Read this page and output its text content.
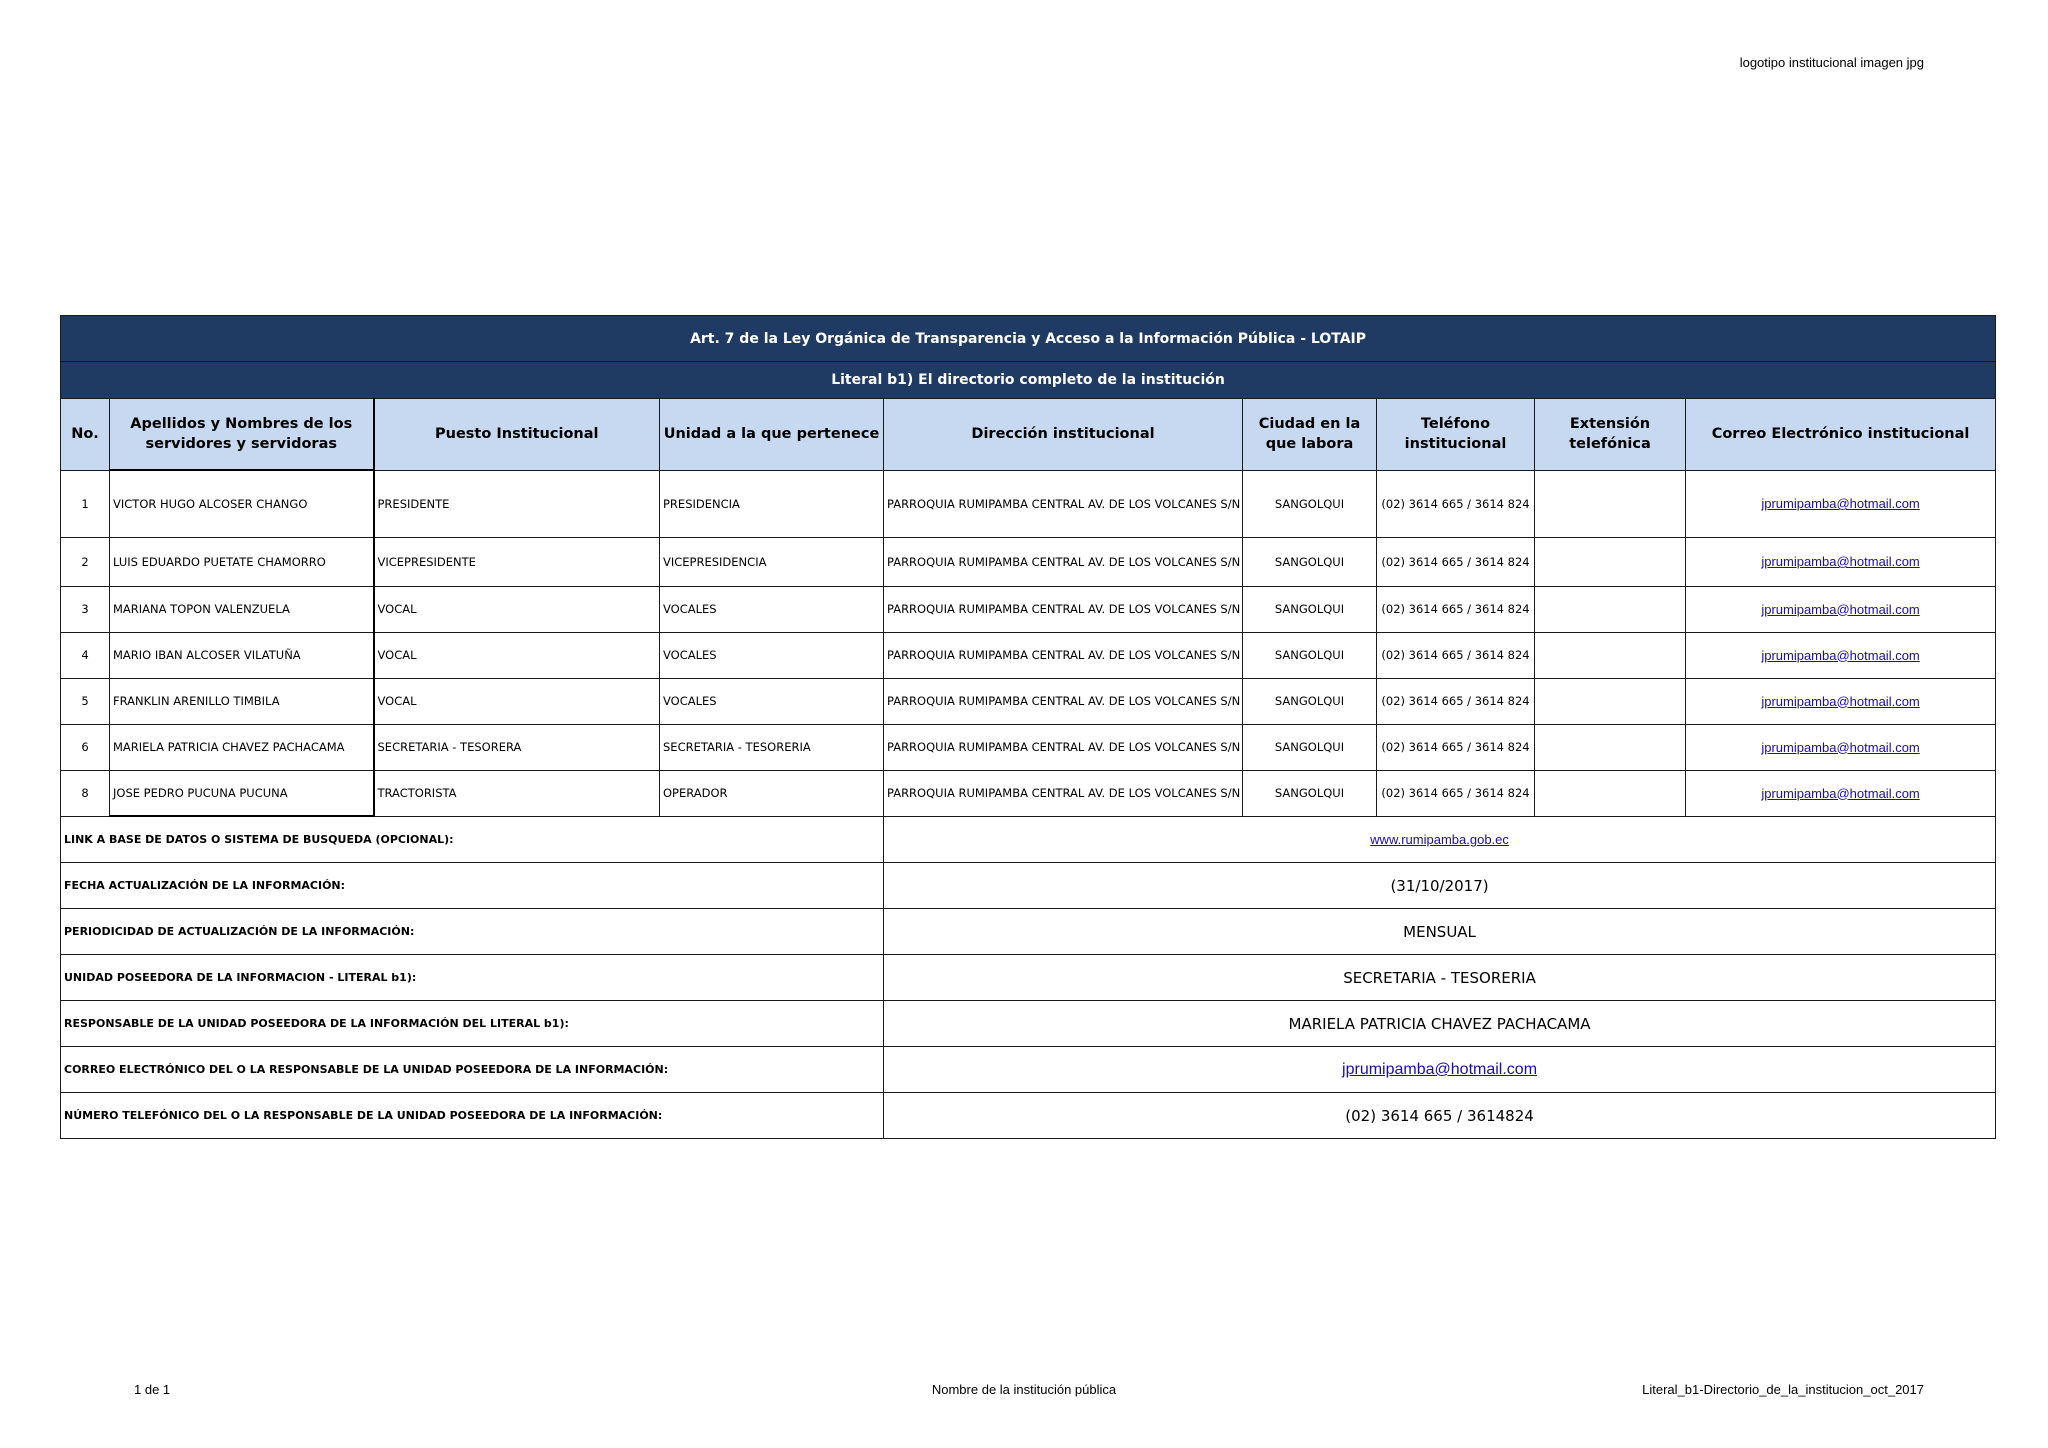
logotipo institucional imagen jpg
Art. 7 de la Ley Orgánica de Transparencia y Acceso a la Información Pública - LOTAIP								
Literal b1) El directorio completo de la institución								
No.	Apellidos y Nombres de los servidores y servidoras	Puesto Institucional	Unidad a la que pertenece	Dirección institucional	Ciudad en la que labora	Teléfono institucional	Extensión telefónica	Correo Electrónico institucional
1	VICTOR HUGO ALCOSER CHANGO	PRESIDENTE	PRESIDENCIA	PARROQUIA RUMIPAMBA CENTRAL AV. DE LOS VOLCANES S/N	SANGOLQUI	(02) 3614 665 / 3614 824		jprumipamba@hotmail.com
2	LUIS EDUARDO PUETATE CHAMORRO	VICEPRESIDENTE	VICEPRESIDENCIA	PARROQUIA RUMIPAMBA CENTRAL AV. DE LOS VOLCANES S/N	SANGOLQUI	(02) 3614 665 / 3614 824		jprumipamba@hotmail.com
3	MARIANA TOPON VALENZUELA	VOCAL	VOCALES	PARROQUIA RUMIPAMBA CENTRAL AV. DE LOS VOLCANES S/N	SANGOLQUI	(02) 3614 665 / 3614 824		jprumipamba@hotmail.com
4	MARIO IBAN ALCOSER VILATUÑA	VOCAL	VOCALES	PARROQUIA RUMIPAMBA CENTRAL AV. DE LOS VOLCANES S/N	SANGOLQUI	(02) 3614 665 / 3614 824		jprumipamba@hotmail.com
5	FRANKLIN ARENILLO TIMBILA	VOCAL	VOCALES	PARROQUIA RUMIPAMBA CENTRAL AV. DE LOS VOLCANES S/N	SANGOLQUI	(02) 3614 665 / 3614 824		jprumipamba@hotmail.com
6	MARIELA PATRICIA CHAVEZ PACHACAMA	SECRETARIA - TESORERA	SECRETARIA - TESORERIA	PARROQUIA RUMIPAMBA CENTRAL AV. DE LOS VOLCANES S/N	SANGOLQUI	(02) 3614 665 / 3614 824		jprumipamba@hotmail.com
8	JOSE PEDRO PUCUNA PUCUNA	TRACTORISTA	OPERADOR	PARROQUIA RUMIPAMBA CENTRAL AV. DE LOS VOLCANES S/N	SANGOLQUI	(02) 3614 665 / 3614 824		jprumipamba@hotmail.com
LINK A BASE DE DATOS O SISTEMA DE BUSQUEDA (OPCIONAL):				www.rumipamba.gob.ec				
FECHA ACTUALIZACIÓN DE LA INFORMACIÓN:				(31/10/2017)				
PERIODICIDAD DE ACTUALIZACIÓN DE LA INFORMACIÓN:				MENSUAL				
UNIDAD POSEEDORA DE LA INFORMACION - LITERAL b1):				SECRETARIA - TESORERIA				
RESPONSABLE DE LA UNIDAD POSEEDORA DE LA INFORMACIÓN DEL LITERAL b1):				MARIELA PATRICIA CHAVEZ PACHACAMA				
CORREO ELECTRÓNICO DEL O LA RESPONSABLE DE LA UNIDAD POSEEDORA DE LA INFORMACIÓN:				jprumipamba@hotmail.com				
NÚMERO TELEFÓNICO DEL O LA RESPONSABLE DE LA UNIDAD POSEEDORA DE LA INFORMACIÓN:				(02) 3614 665 / 3614824				
1 de 1	Nombre de la institución pública	Literal_b1-Directorio_de_la_institucion_oct_2017
